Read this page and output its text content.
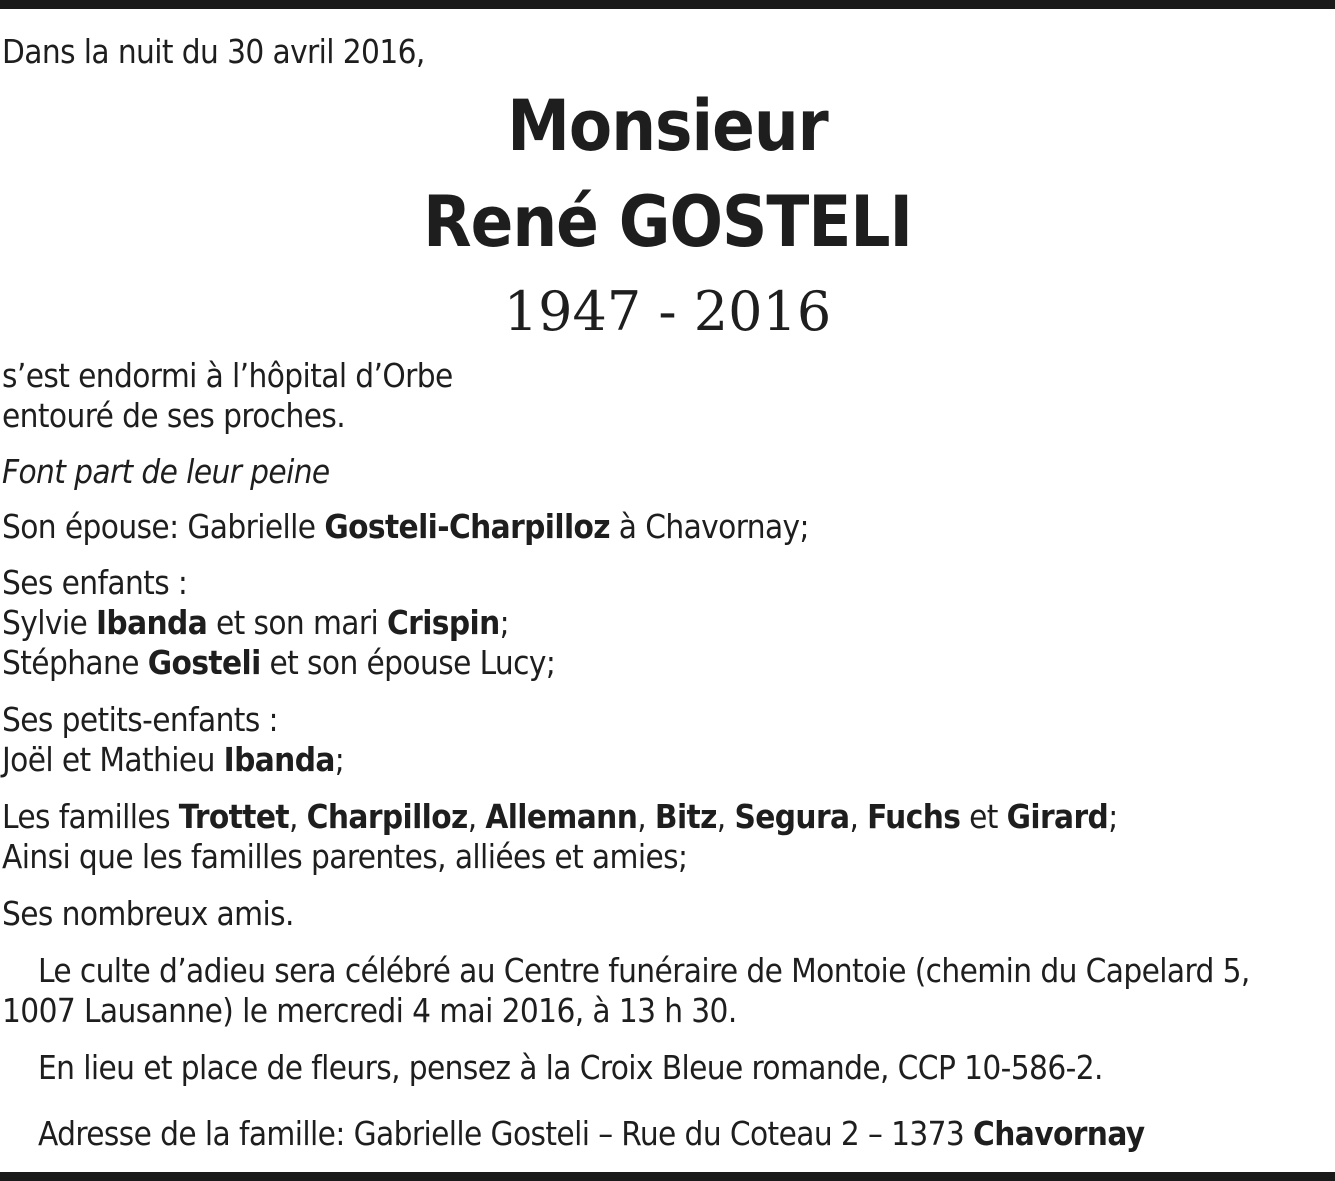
Dans la nuit du 30 avril 2016,
Monsieur
René GOSTELI
1947 - 2016
s’est endormi à l’hôpital d’Orbe
entouré de ses proches.
Font part de leur peine
Son épouse: Gabrielle Gosteli-Charpilloz à Chavornay;
Ses enfants :
Sylvie Ibanda et son mari Crispin;
Stéphane Gosteli et son épouse Lucy;
Ses petits-enfants :
Joël et Mathieu Ibanda;
Les familles Trottet, Charpilloz, Allemann, Bitz, Segura, Fuchs et Girard;
Ainsi que les familles parentes, alliées et amies;
Ses nombreux amis.
Le culte d’adieu sera célébré au Centre funéraire de Montoie (chemin du Capelard 5,
1007 Lausanne) le mercredi 4 mai 2016, à 13 h 30.
En lieu et place de fleurs, pensez à la Croix Bleue romande, CCP 10-586-2.
Adresse de la famille: Gabrielle Gosteli – Rue du Coteau 2 – 1373 Chavornay
